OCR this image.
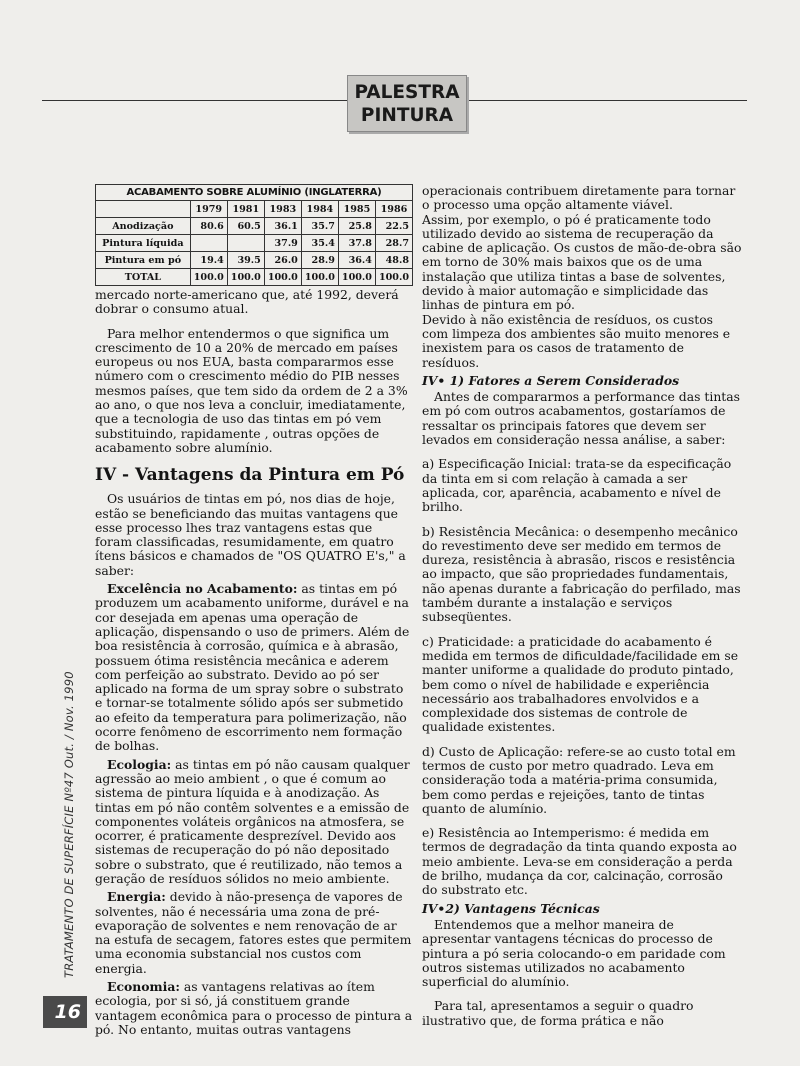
PALESTRA
PINTURA
ACABAMENTO SOBRE ALUMÍNIO (INGLATERRA)
	1979	1981	1983	1984	1985	1986
Anodização	80.6	60.5	36.1	35.7	25.8	22.5
Pintura líquida			37.9	35.4	37.8	28.7
Pintura em pó	19.4	39.5	26.0	28.9	36.4	48.8
TOTAL	100.0	100.0	100.0	100.0	100.0	100.0

mercado norte-americano que, até 1992, deverá dobrar o consumo atual.

Para melhor entendermos o que significa um crescimento de 10 a 20% de mercado em países europeus ou nos EUA, basta compararmos esse número com o crescimento médio do PIB nesses mesmos países, que tem sido da ordem de 2 a 3% ao ano, o que nos leva a concluir, imediatamente, que a tecnologia de uso das tintas em pó vem substituindo, rapidamente , outras opções de acabamento sobre alumínio.

IV - Vantagens da Pintura em Pó

Os usuários de tintas em pó, nos dias de hoje, estão se beneficiando das muitas vantagens que esse processo lhes traz vantagens estas que foram classificadas, resumidamente, em quatro ítens básicos e chamados de "OS QUATRO E's," a saber:

Excelência no Acabamento: as tintas em pó produzem um acabamento uniforme, durável e na cor desejada em apenas uma operação de aplicação, dispensando o uso de primers. Além de boa resistência à corrosão, química e à abrasão, possuem ótima resistência mecânica e aderem com perfeição ao substrato. Devido ao pó ser aplicado na forma de um spray sobre o substrato e tornar-se totalmente sólido após ser submetido ao efeito da temperatura para polimerização, não ocorre fenômeno de escorrimento nem formação de bolhas.

Ecologia: as tintas em pó não causam qualquer agressão ao meio ambient , o que é comum ao sistema de pintura líquida e à anodização. As tintas em pó não contêm solventes e a emissão de componentes voláteis orgânicos na atmosfera, se ocorrer, é praticamente desprezível. Devido aos sistemas de recuperação do pó não depositado sobre o substrato, que é reutilizado, não temos a geração de resíduos sólidos no meio ambiente.

Energia: devido à não-presença de vapores de solventes, não é necessária uma zona de pré-evaporação de solventes e nem renovação de ar na estufa de secagem, fatores estes que permitem uma economia substancial nos custos com energia.

Economia: as vantagens relativas ao ítem ecologia, por si só, já constituem grande vantagem econômica para o processo de pintura a pó. No entanto, muitas outras vantagens

operacionais contribuem diretamente para tornar o processo uma opção altamente viável.

Assim, por exemplo, o pó é praticamente todo utilizado devido ao sistema de recuperação da cabine de aplicação. Os custos de mão-de-obra são em torno de 30% mais baixos que os de uma instalação que utiliza tintas a base de solventes, devido à maior automação e simplicidade das linhas de pintura em pó.

Devido à não existência de resíduos, os custos com limpeza dos ambientes são muito menores e inexistem para os casos de tratamento de resíduos.

IV• 1) Fatores a Serem Considerados

Antes de compararmos a performance das tintas em pó com outros acabamentos, gostaríamos de ressaltar os principais fatores que devem ser levados em consideração nessa análise, a saber:

a) Especificação Inicial: trata-se da especificação da tinta em si com relação à camada a ser aplicada, cor, aparência, acabamento e nível de brilho.

b) Resistência Mecânica: o desempenho mecânico do revestimento deve ser medido em termos de dureza, resistência à abrasão, riscos e resistência ao impacto, que são propriedades fundamentais, não apenas durante a fabricação do perfilado, mas também durante a instalação e serviços subseqüentes.

c) Praticidade: a praticidade do acabamento é medida em termos de dificuldade/facilidade em se manter uniforme a qualidade do produto pintado, bem como o nível de habilidade e experiência necessário aos trabalhadores envolvidos e a complexidade dos sistemas de controle de qualidade existentes.

d) Custo de Aplicação: refere-se ao custo total em termos de custo por metro quadrado. Leva em consideração toda a matéria-prima consumida, bem como perdas e rejeições, tanto de tintas quanto de alumínio.

e) Resistência ao Intemperismo: é medida em termos de degradação da tinta quando exposta ao meio ambiente. Leva-se em consideração a perda de brilho, mudança da cor, calcinação, corrosão do substrato etc.

IV•2) Vantagens Técnicas

Entendemos que a melhor maneira de apresentar vantagens técnicas do processo de pintura a pó seria colocando-o em paridade com outros sistemas utilizados no acabamento superficial do alumínio.

Para tal, apresentamos a seguir o quadro ilustrativo que, de forma prática e não

TRATAMENTO DE SUPERFÍCIE Nº47 Out. / Nov. 1990
16
